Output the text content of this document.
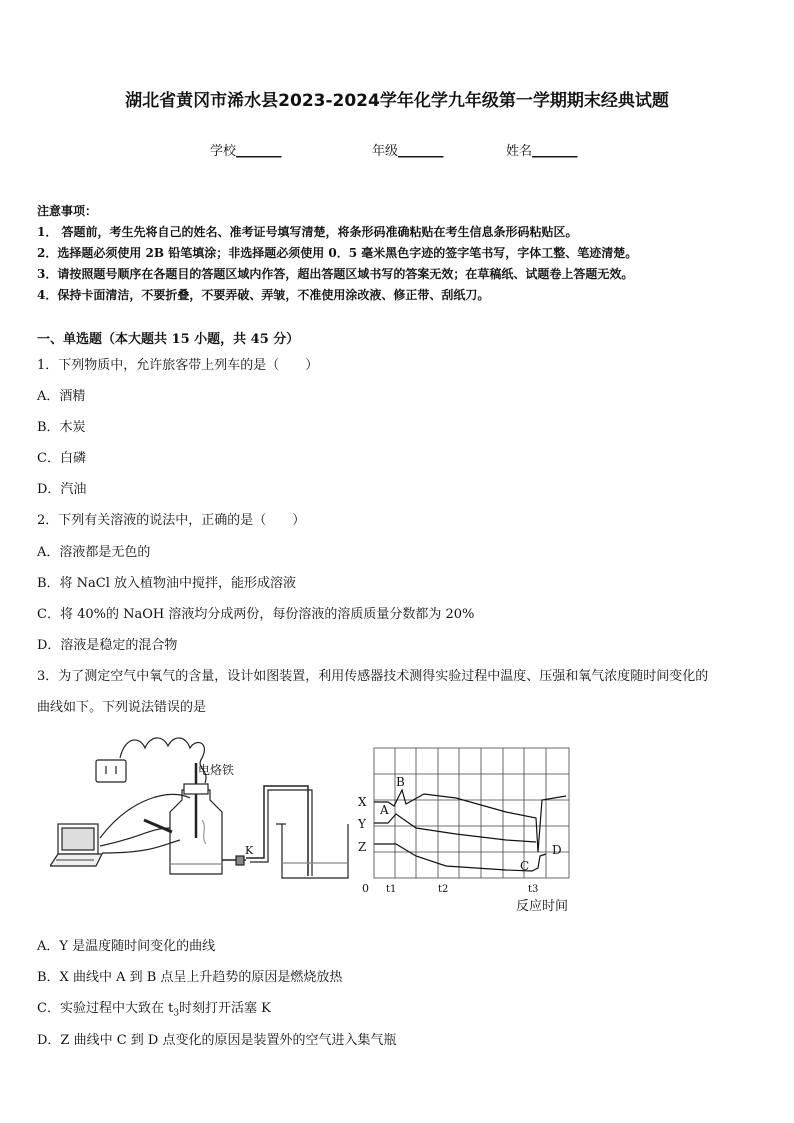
湖北省黄冈市浠水县2023-2024学年化学九年级第一学期期末经典试题
学校_______	年级_______	姓名_______
注意事项：
1． 答题前，考生先将自己的姓名、准考证号填写清楚，将条形码准确粘贴在考生信息条形码粘贴区。
2．选择题必须使用 2B 铅笔填涂；非选择题必须使用 0．5 毫米黑色字迹的签字笔书写，字体工整、笔迹清楚。
3．请按照题号顺序在各题目的答题区域内作答，超出答题区域书写的答案无效；在草稿纸、试题卷上答题无效。
4．保持卡面清洁，不要折叠，不要弄破、弄皱，不准使用涂改液、修正带、刮纸刀。
一、单选题（本大题共 15 小题，共 45 分）
1．下列物质中，允许旅客带上列车的是（　　）
A．酒精
B．木炭
C．白磷
D．汽油
2．下列有关溶液的说法中，正确的是（　　）
A．溶液都是无色的
B．将 NaCl 放入植物油中搅拌，能形成溶液
C．将 40%的 NaOH 溶液均分成两份，每份溶液的溶质质量分数都为 20%
D．溶液是稳定的混合物
3．为了测定空气中氧气的含量，设计如图装置，利用传感器技术测得实验过程中温度、压强和氧气浓度随时间变化的
曲线如下。下列说法错误的是
电烙铁
K
X
Y
Z
A
B
C
D
0 t1	t2	t3
反应时间
A．Y 是温度随时间变化的曲线
B．X 曲线中 A 到 B 点呈上升趋势的原因是燃烧放热
C．实验过程中大致在 $t_3$时刻打开活塞 K
D．Z 曲线中 C 到 D 点变化的原因是装置外的空气进入集气瓶
